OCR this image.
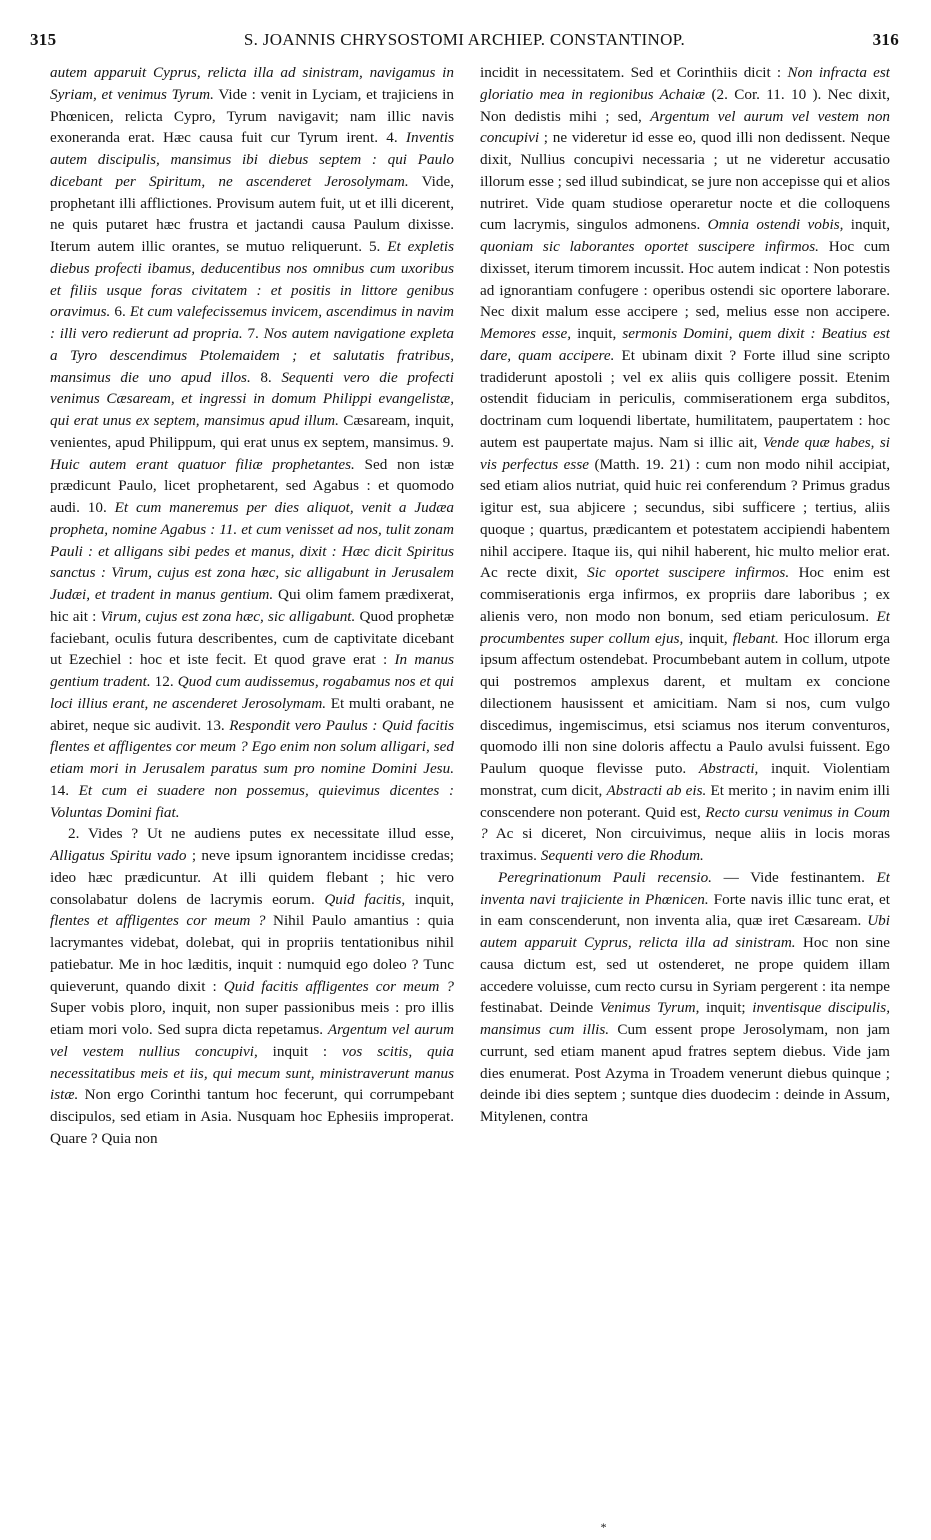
315	S. JOANNIS CHRYSOSTOMI ARCHIEP. CONSTANTINOP.	316

autem apparuit Cyprus, relicta illa ad sinistram, navigamus in Syriam, et venimus Tyrum. Vide : venit in Lyciam, et trajiciens in Phœnicen, relicta Cypro, Tyrum navigavit; nam illic navis exoneranda erat. Hæc causa fuit cur Tyrum irent. 4. Inventis autem discipulis, mansimus ibi diebus septem : qui Paulo dicebant per Spiritum, ne ascenderet Jerosolymam. Vide, prophetant illi afflictiones. Provisum autem fuit, ut et illi dicerent, ne quis putaret hæc frustra et jactandi causa Paulum dixisse. Iterum autem illic orantes, se mutuo reliquerunt. 5. Et expletis diebus profecti ibamus, deducentibus nos omnibus cum uxoribus et filiis usque foras civitatem : et positis in littore genibus oravimus. 6. Et cum valefecissemus invicem, ascendimus in navim : illi vero redierunt ad propria. 7. Nos autem navigatione expleta a Tyro descendimus Ptolemaidem ; et salutatis fratribus, mansimus die uno apud illos. 8. Sequenti vero die profecti venimus Cæsaream, et ingressi in domum Philippi evangelistæ, qui erat unus ex septem, mansimus apud illum. Cæsaream, inquit, venientes, apud Philippum, qui erat unus ex septem, mansimus. 9. Huic autem erant quatuor filiæ prophetantes. Sed non istæ prædicunt Paulo, licet prophetarent, sed Agabus : et quomodo audi. 10. Et cum maneremus per dies aliquot, venit a Judæa propheta, nomine Agabus : 11. et cum venisset ad nos, tulit zonam Pauli : et alligans sibi pedes et manus, dixit : Hæc dicit Spiritus sanctus : Virum, cujus est zona hæc, sic alligabunt in Jerusalem Judæi, et tradent in manus gentium. Qui olim famem prædixerat, hic ait : Virum, cujus est zona hæc, sic alligabunt. Quod prophetæ faciebant, oculis futura describentes, cum de captivitate dicebant ut Ezechiel : hoc et iste fecit. Et quod grave erat : In manus gentium tradent. 12. Quod cum audissemus, rogabamus nos et qui loci illius erant, ne ascenderet Jerosolymam. Et multi orabant, ne abiret, neque sic audivit. 13. Respondit vero Paulus : Quid facitis flentes et affligentes cor meum ? Ego enim non solum alligari, sed etiam mori in Jerusalem paratus sum pro nomine Domini Jesu. 14. Et cum ei suadere non possemus, quievimus dicentes : Voluntas Domini fiat.

2. Vides ? Ut ne audiens putes ex necessitate illud esse, Alligatus Spiritu vado ; neve ipsum ignorantem incidisse credas; ideo hæc prædicuntur. At illi quidem flebant ; hic vero consolabatur dolens de lacrymis eorum. Quid facitis, inquit, flentes et affligentes cor meum ? Nihil Paulo amantius : quia lacrymantes videbat, dolebat, qui in propriis tentationibus nihil patiebatur. Me in hoc læditis, inquit : numquid ego doleo ? Tunc quieverunt, quando dixit : Quid facitis affligentes cor meum ? Super vobis ploro, inquit, non super passionibus meis : pro illis etiam mori volo. Sed supra dicta repetamus. Argentum vel aurum vel vestem nullius concupivi, inquit : vos scitis, quia necessitatibus meis et iis, qui mecum sunt, ministraverunt manus istæ. Non ergo Corinthi tantum hoc fecerunt, qui corrumpebant discipulos, sed etiam in Asia. Nusquam hoc Ephesiis improperat. Quare ? Quia non

incidit in necessitatem. Sed et Corinthiis dicit : Non infracta est gloriatio mea in regionibus Achaiæ (2. Cor. 11. 10 ). Nec dixit, Non dedistis mihi ; sed, Argentum vel aurum vel vestem non concupivi ; ne videretur id esse eo, quod illi non dedissent. Neque dixit, Nullius concupivi necessaria ; ut ne videretur accusatio illorum esse ; sed illud subindicat, se jure non accepisse qui et alios nutriret. Vide quam studiose operaretur nocte et die colloquens cum lacrymis, singulos admonens. Omnia ostendi vobis, inquit, quoniam sic laborantes oportet suscipere infirmos. Hoc cum dixisset, iterum timorem incussit. Hoc autem indicat : Non potestis ad ignorantiam confugere : operibus ostendi sic oportere laborare. Nec dixit malum esse accipere ; sed, melius esse non accipere. Memores esse, inquit, sermonis Domini, quem dixit : Beatius est dare, quam accipere. Et ubinam dixit ? Forte illud sine scripto tradiderunt apostoli ; vel ex aliis quis colligere possit. Etenim ostendit fiduciam in periculis, commiserationem erga subditos, doctrinam cum loquendi libertate, humilitatem, paupertatem : hoc autem est paupertate majus. Nam si illic ait, Vende quæ habes, si vis perfectus esse (Matth. 19. 21) : cum non modo nihil accipiat, sed etiam alios nutriat, quid huic rei conferendum ? Primus gradus igitur est, sua abjicere ; secundus, sibi sufficere ; tertius, aliis quoque ; quartus, prædicantem et potestatem accipiendi habentem nihil accipere. Itaque iis, qui nihil haberent, hic multo melior erat. Ac recte dixit, Sic oportet suscipere infirmos. Hoc enim est commiserationis erga infirmos, ex propriis dare laboribus ; ex alienis vero, non modo non bonum, sed etiam periculosum. Et procumbentes super collum ejus, inquit, flebant. Hoc illorum erga ipsum affectum ostendebat. Procumbebant autem in collum, utpote qui postremos amplexus darent, et multam ex concione dilectionem hausissent et amicitiam. Nam si nos, cum vulgo discedimus, ingemiscimus, etsi sciamus nos iterum conventuros, quomodo illi non sine doloris affectu a Paulo avulsi fuissent. Ego Paulum quoque flevisse puto. Abstracti, inquit. Violentiam monstrat, cum dicit, Abstracti ab eis. Et merito ; in navim enim illi conscendere non poterant. Quid est, Recto cursu venimus in Coum ? Ac si diceret, Non circuivimus, neque aliis in locis moras traximus. Sequenti vero die Rhodum.

Peregrinationum Pauli recensio. — Vide festinantem. Et inventa navi trajiciente in Phœnicen. Forte navis illic tunc erat, et in eam conscenderunt, non inventa alia, quæ iret Cæsaream. Ubi autem apparuit Cyprus, relicta illa ad sinistram. Hoc non sine causa dictum est, sed ut ostenderet, ne prope quidem illam accedere voluisse, cum recto cursu in Syriam pergerent : ita nempe festinabat. Deinde Venimus Tyrum, inquit; inventisque discipulis, mansimus cum illis. Cum essent prope Jerosolymam, non jam currunt, sed etiam manent apud fratres septem diebus. Vide jam dies enumerat. Post Azyma in Troadem venerunt diebus quinque ; deinde ibi dies septem ; suntque dies duodecim : deinde in Assum, Mitylenen, contra

*
